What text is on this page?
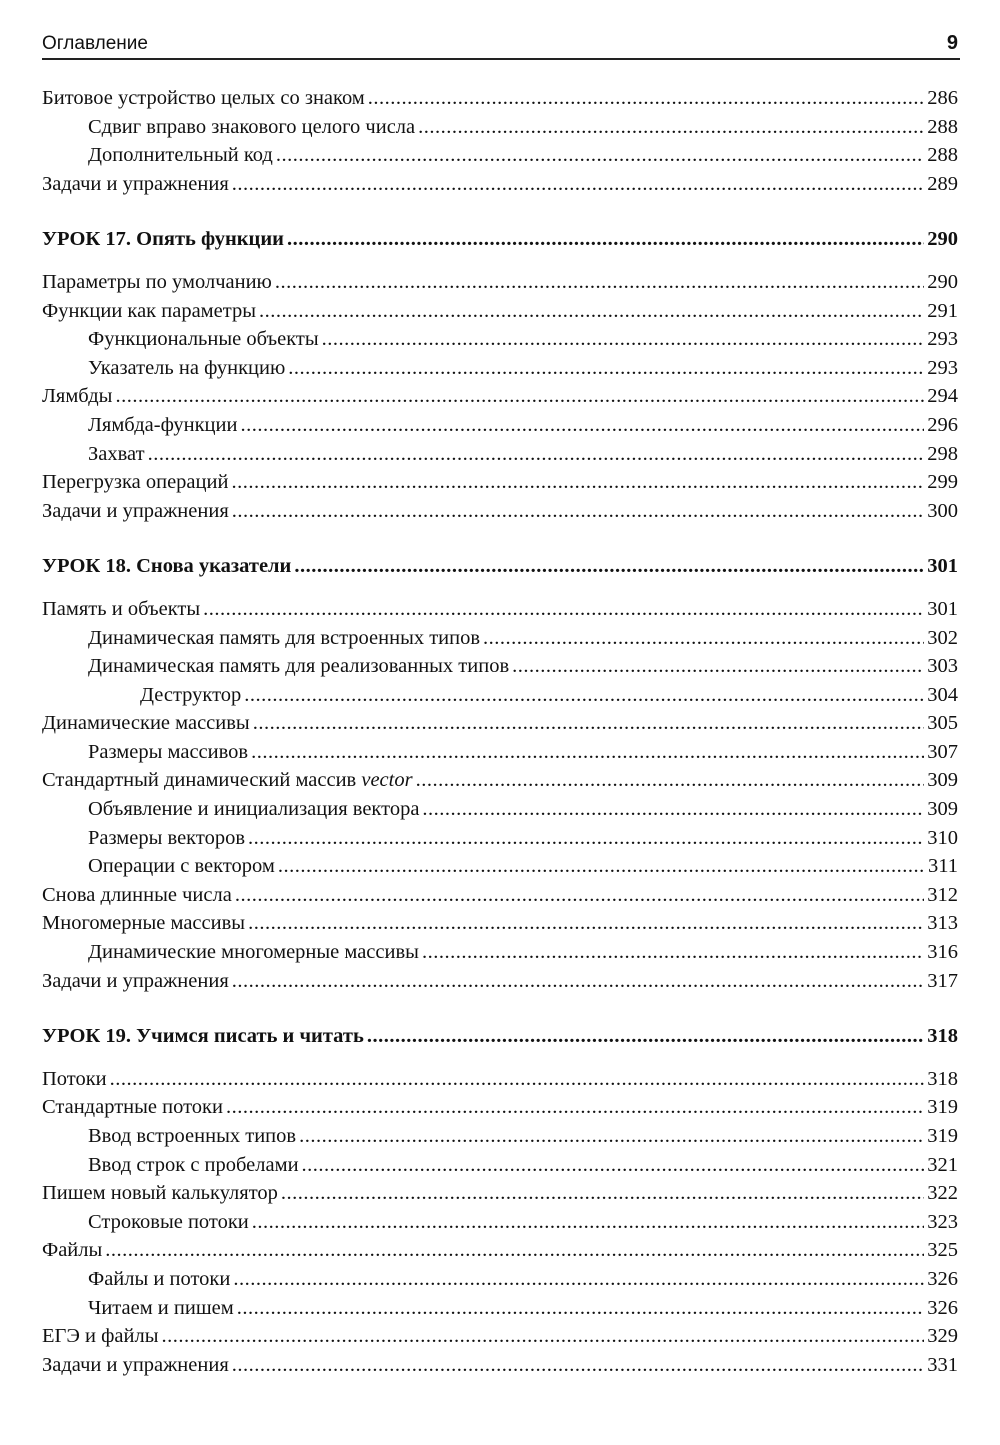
Оглавление	9
Битовое устройство целых со знаком .....	286
Сдвиг вправо знакового целого числа .....	288
Дополнительный код .....	288
Задачи и упражнения .....	289
УРОК 17. Опять функции .....	290
Параметры по умолчанию .....	290
Функции как параметры .....	291
Функциональные объекты .....	293
Указатель на функцию .....	293
Лямбды .....	294
Лямбда-функции .....	296
Захват .....	298
Перегрузка операций .....	299
Задачи и упражнения .....	300
УРОК 18. Снова указатели .....	301
Память и объекты .....	301
Динамическая память для встроенных типов .....	302
Динамическая память для реализованных типов .....	303
Деструктор .....	304
Динамические массивы .....	305
Размеры массивов .....	307
Стандартный динамический массив vector .....	309
Объявление и инициализация вектора .....	309
Размеры векторов .....	310
Операции с вектором .....	311
Снова длинные числа .....	312
Многомерные массивы .....	313
Динамические многомерные массивы .....	316
Задачи и упражнения .....	317
УРОК 19. Учимся писать и читать .....	318
Потоки .....	318
Стандартные потоки .....	319
Ввод встроенных типов .....	319
Ввод строк с пробелами .....	321
Пишем новый калькулятор .....	322
Строковые потоки .....	323
Файлы .....	325
Файлы и потоки .....	326
Читаем и пишем .....	326
ЕГЭ и файлы .....	329
Задачи и упражнения .....	331
